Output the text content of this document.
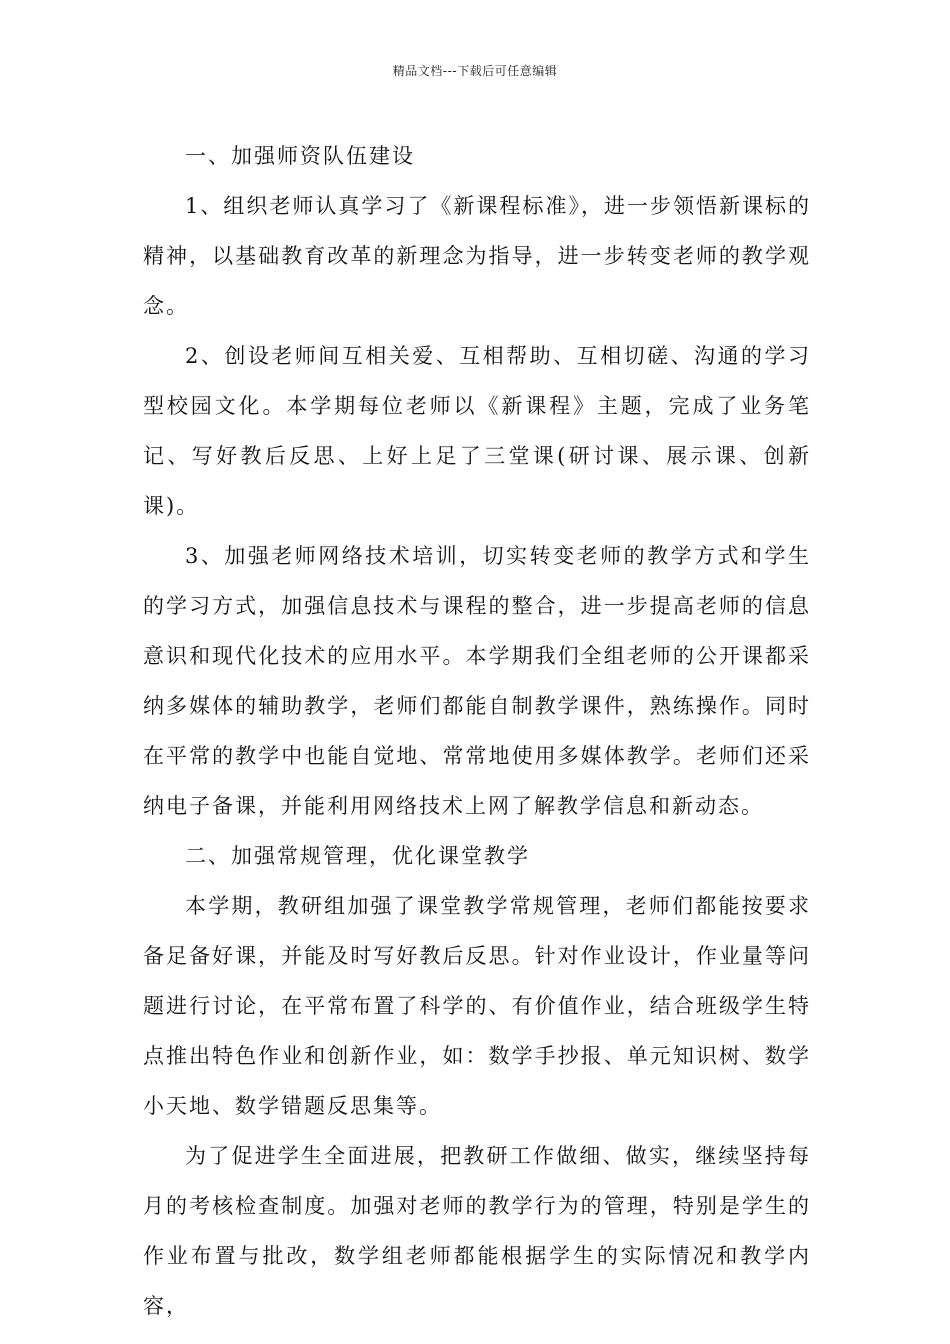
精品文档---下载后可任意编辑

一、加强师资队伍建设

1、组织老师认真学习了《新课程标准》，进一步领悟新课标的精神，以基础教育改革的新理念为指导，进一步转变老师的教学观念。

2、创设老师间互相关爱、互相帮助、互相切磋、沟通的学习型校园文化。本学期每位老师以《新课程》主题，完成了业务笔记、写好教后反思、上好上足了三堂课(研讨课、展示课、创新课)。

3、加强老师网络技术培训，切实转变老师的教学方式和学生的学习方式，加强信息技术与课程的整合，进一步提高老师的信息意识和现代化技术的应用水平。本学期我们全组老师的公开课都采纳多媒体的辅助教学，老师们都能自制教学课件，熟练操作。同时在平常的教学中也能自觉地、常常地使用多媒体教学。老师们还采纳电子备课，并能利用网络技术上网了解教学信息和新动态。

二、加强常规管理，优化课堂教学

本学期，教研组加强了课堂教学常规管理，老师们都能按要求备足备好课，并能及时写好教后反思。针对作业设计，作业量等问题进行讨论，在平常布置了科学的、有价值作业，结合班级学生特点推出特色作业和创新作业，如：数学手抄报、单元知识树、数学小天地、数学错题反思集等。

为了促进学生全面进展，把教研工作做细、做实，继续坚持每月的考核检查制度。加强对老师的教学行为的管理，特别是学生的作业布置与批改，数学组老师都能根据学生的实际情况和教学内容，
